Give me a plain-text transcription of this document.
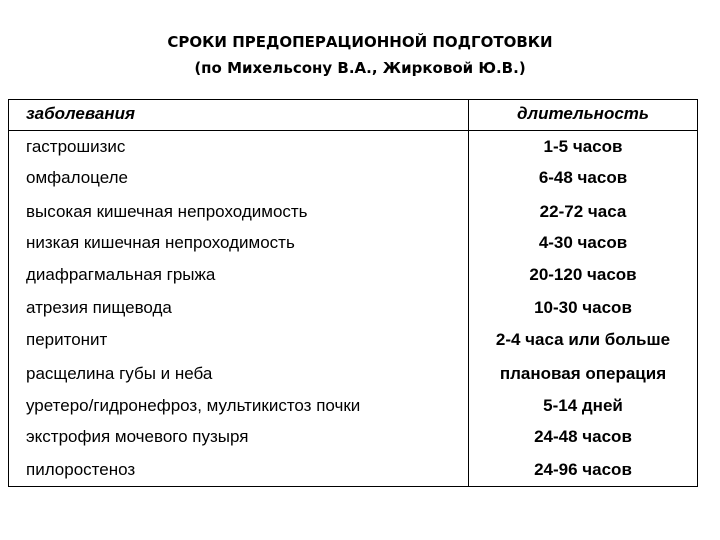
СРОКИ ПРЕДОПЕРАЦИОННОЙ ПОДГОТОВКИ
(по Михельсону В.А., Жирковой Ю.В.)
заболевания	длительность
гастрошизис	1-5 часов
омфалоцеле	6-48 часов
высокая кишечная непроходимость	22-72 часа
низкая кишечная непроходимость	4-30 часов
диафрагмальная грыжа	20-120 часов
атрезия пищевода	10-30 часов
перитонит	2-4 часа или больше
расщелина губы и неба	плановая операция
уретеро/гидронефроз, мультикистоз почки	5-14 дней
экстрофия мочевого пузыря	24-48 часов
пилоростеноз	24-96 часов
